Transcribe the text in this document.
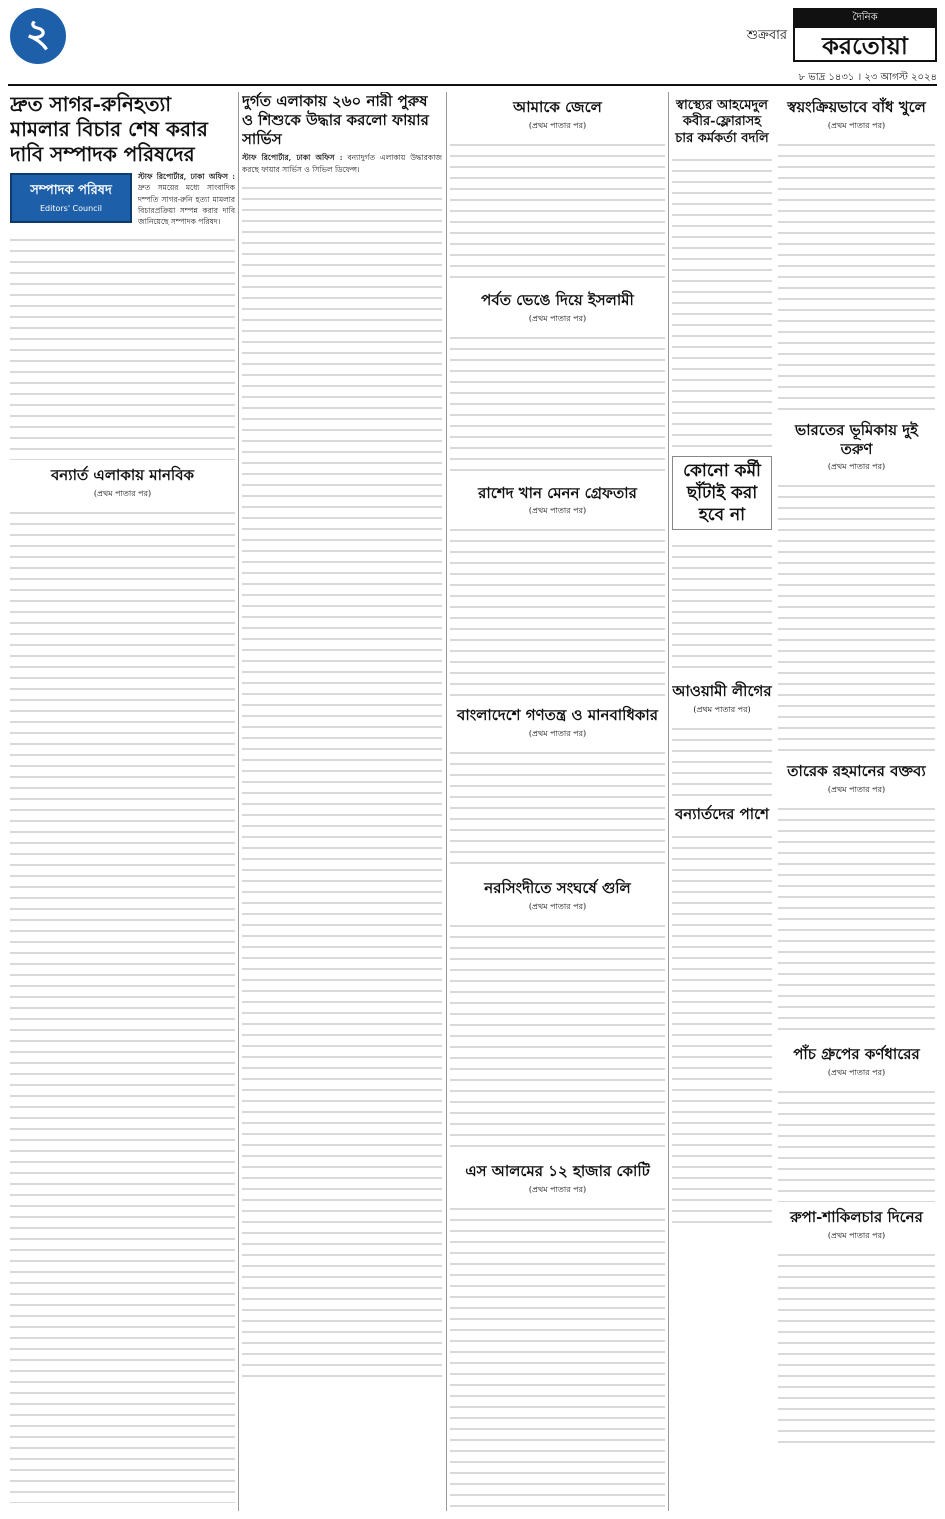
২	শুক্রবার
দৈনিক
করতোয়া
৮ ভাদ্র ১৪৩১ । ২৩ আগস্ট ২০২৪
দ্রুত সাগর-রুনিহত্যা মামলার বিচার শেষ করার দাবি সম্পাদক পরিষদের
সম্পাদক পরিষদ
Editors' Council

স্টাফ রিপোর্টার, ঢাকা অফিস : দ্রুত সময়ের মধ্যে সাংবাদিক দম্পতি সাগর-রুনি হত্যা মামলার বিচারপ্রক্রিয়া সম্পন্ন করার দাবি জানিয়েছে সম্পাদক পরিষদ।

বন্যার্ত এলাকায় মানবিক
(প্রথম পাতার পর)
দুর্গত এলাকায় ২৬০ নারী পুরুষ ও শিশুকে উদ্ধার করলো ফায়ার সার্ভিস

স্টাফ রিপোর্টার, ঢাকা অফিস : বন্যাদুর্গত এলাকায় উদ্ধারকাজ করছে ফায়ার সার্ভিস ও সিভিল ডিফেন্স।

আমাকে জেলে
(প্রথম পাতার পর)
পর্বত ভেঙে দিয়ে ইসলামী
(প্রথম পাতার পর)
রাশেদ খান মেনন গ্রেফতার
(প্রথম পাতার পর)
বাংলাদেশে গণতন্ত্র ও মানবাধিকার
(প্রথম পাতার পর)
নরসিংদীতে সংঘর্ষে গুলি
(প্রথম পাতার পর)
এস আলমের ১২ হাজার কোটি
(প্রথম পাতার পর)
স্বাস্থ্যের আহমেদুল কবীর-ফ্লোরাসহ চার কর্মকর্তা বদলি
কোনো কর্মী ছাঁটাই করা হবে না
আওয়ামী লীগের
(প্রথম পাতার পর)
বন্যার্তদের পাশে
স্বয়ংক্রিয়ভাবে বাঁধ খুলে
(প্রথম পাতার পর)
ভারতের ভূমিকায় দুই তরুণ
(প্রথম পাতার পর)
তারেক রহমানের বক্তব্য
(প্রথম পাতার পর)
পাঁচ গ্রুপের কর্ণধারের
(প্রথম পাতার পর)
রুপা-শাকিলচার দিনের
(প্রথম পাতার পর)
